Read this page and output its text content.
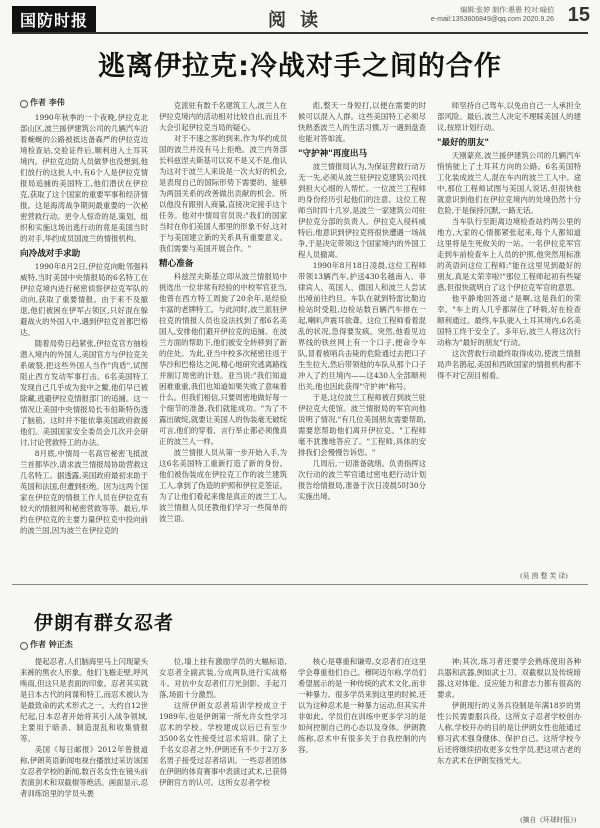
国防时报	阅读	编辑:张婷 制作:愚愚 校对:喻伯
e-mail:1353606849@qq.com 2020.9.26 15
逃离伊拉克:冷战对手之间的合作
作者 李伟

1990年秋季的一个夜晚,伊拉克北部山区,波兰援伊建筑公司的几辆汽车沿着蜿蜒的公路被抵达备森严的伊拉克边境检查站,交验证件后,顺利进入土耳其境内。伊拉克边防人员做梦也没想到,他们放行的这批人中,有6个人是伊拉克情报局追捕的美国特工,他们潜伏在伊拉克,获取了这个国家的重要军事和经济情报。这是海湾战争期间最重要的一次秘密营救行动。更令人惊奇的是,策划、组织和实施这场出逃行动的竟是美国当时的对手,华约成员国波兰的情报机构。

向冷战对手求助

1990年8月2日,伊拉克向毗邻强科威特,当时美国中央情报局的6名特工在伊拉克境内进行秘密侦察伊拉克军队的动向,获取了重要情报。由于来不及撤退,他们被困在伊军占领区,只好混在躲避战火的外国人中,遇到伊拉克首都巴格达。

随着局势日趋紧张,伊拉克官方抽检潜入境内的外国人,美国官方与伊拉克关系破裂,把这些外国人当作"肉盾",试图阻止西方发动军事打击。6名美国特工发现自己几乎成为瓮中之鳖,他们早已被除藏,逃避伊拉克情报部门的追捕。这一情况让美国中央情报局长韦伯斯特伤透了脑筋。这时并不能依靠美国政府救援他们。美国国家安全委员会几次开会研讨,讨论营救特工的办法。

8月底,中情局一名高官秘密飞抵波兰首都华沙,请求波兰情报局协助营救这几名特工。据透露,美国政府最初求助于英国和法国,但遭到拒绝。因为这两个国家在伊拉克的情报工作人员在伊拉克有较大的情报网和秘密营救等等。最后,华约在伊拉克的主要力量伊拉克中投向前的波兰国,因为波兰在伊拉克的

克派驻有数千名建筑工人,波兰人在伊拉克境内的活动相对比较自由,而且不大会引起伊拉克当局的疑心。

对于不速之客的到来,作为华约成员国的波兰并没有马上拒绝。波兰内务部长科兹涅夫斯基可以说不是又不是,他认为这对于波兰人来说是一次大好的机会,是表现自己的国际形势下需要的、能够为两国关系的改善做出贡献的机会。所以他没有跟别人商量,直接决定接手这个任务。他对中情局官员说:"我们的国家当时在你们美国人那里的形象不好,这对于与美国建立新的关系具有重要意义。我们需要与美国开展合作。"

精心准备

科兹涅夫斯基立即从波兰情报局中挑选出一位非常有经验的中校军官亚当,他曾在西方特工周旋了20余年,是经验丰富的老牌特工。与此同时,波兰派驻伊拉克的情报人员也设法找到了那6名美国人,安排他们避开伊拉克的追捕。在波兰方面的帮助下,他们被安全转移到了新的住处。为此,亚当中校多次秘密往返于华沙和巴格达之间,精心地研究逃离路线并制订周密的计划。亚当说:"我们知道困难重重,我们也知道如果失败了意味着什么。但我们相信,只要周密地做好每一个细节的准备,我们就能成功。"为了不露出破绽,就要让美国人的伪装毫无破绽可言,他们的穿着、言行举止都必须像真正的波兰人一样。

波兰情报人员从第一步开始入手,为这6名美国特工重新打造了新的身份。他们被伪装成在伊拉克工作的波兰建筑工人,拿到了伪造的护照和伊拉克签证。为了让他们看起来像是真正的波兰工人,波兰情报人员还教他们学习一些简单的波兰语。

彪,整天一身短打,以便在需要的时候可以混入人群。这些美国特工必须尽快熟悉波兰人的生活习惯,万一遇到盘查也能对答如流。

"守护神"再度出马

波兰情报局认为,为保证营救行动万无一失,必须从波兰驻伊拉克建筑公司找到担大心细的人帮忙。一位波兰工程师的身份经历引起他们的注意。这位工程师当时四十几岁,是波兰一家建筑公司驻伊拉克分部的负责人。伊拉克入侵科威特后,他意识到伊拉克将很快遭遇一场战争,于是决定带领这个国家境内的外国工程人员撤离。

1990年8月18日凌晨,这位工程师带领13辆汽车,护送430名越南人、菲律宾人、英国人、德国人和波兰人尝试出境前往约旦。车队在就到特雷比勒边检站时受阻,边检站数百辆汽车排在一起,喇叭声震耳欲聋。这位工程师看着混乱的状况,急得要发疯。突然,他看见边界线的铁丝网上有一个口子,便命令车队,冒着被哨兵击毙的危险通过去把口子生生拉大,然后带领他的车队从那个口子冲入了约旦境内——这430人全部顺利出关,他也因此获得"守护神"称号。

于是,这位波兰工程师被召到波兰驻伊拉克大使馆。波兰情报局的军官向他说明了情况,"有几位美国朋友需要帮助,需要您帮助他们离开伊拉克。"工程师毫不犹豫地答应了。"工程师,具体的安排我们会慢慢告诉您。"

几周后,一切准备就绪。负责指挥这次行动的波兰军官通过密电把行动计划报告给情报局,准备于次日凌晨5时30分实施出境。

师坚持自己驾车,以免由自己一人承担全部风险。最后,波兰人决定不理睬美国人的建议,按原计划行动。

"最好的朋友"

天刚蒙亮,波兰援伊建筑公司的几辆汽车悄悄驶上了土耳其方向的公路。6名美国特工化装成波兰人,混在车内的波兰工人中。途中,那位工程师试图与美国人说话,但很快他就意识到他们在伊拉克境内的处境仍然十分危险,于是保持沉默,一路无话。

当车队行至距离边境检查站约两公里的地方,大家的心情都紧张起来,每个人都知道这里将是生死攸关的一站。一名伊拉克军官走到车前检查车上人员的护照,他突然用标准的英语问这位工程师:"能在这里见到最好的朋友,真是太荣幸啦!"那位工程师起初有些疑惑,但很快就明白了这个伊拉克军官的意思。

他平静地回答道:"是啊,这是我们的荣幸。"车上的人几乎都屏住了呼吸,好在检查顺利通过。最终,车队驶入土耳其境内,6名美国特工终于安全了。多年后,波兰人将这次行动称为"最好的朋友"行动。

这次营救行动最终取得成功,使波兰情报局声名鹊起,美国和西欧国家的情报机构都不得不对它刮目相看。

(吴 茵 整 芙 译)
伊朗有群女忍者
作者 钟正杰

提起忍者,人们脑海里马上闪现蒙头来裤的黑衣人形象。他们飞檐走壁,呼风唤雨,但这只是表面的印象。忍者其实就是日本古代的间谍和特工,而忍术被认为是最致命的武术形式之一。大约自12世纪起,日本忍者开始将其引入战争领域,主要用于暗杀、制造混乱和收集情报等。

美国《每日邮报》2012年曾报道称,伊朗英语新闻电视台播放过采访该国女忍者学校的新闻,数百名女性在镜头前表演剑术和双截棍等绝活。画面显示,忍者训练馆里的学员头裹

位,墙上挂有激励学员的大幅标语,女忍者全副武装,分成两队进行实战格斗。对抗中女忍者们刀光剑影、手起刀落,场面十分激烈。

这所伊朗女忍者培训学校成立于1989年,也是伊朗第一所允许女性学习忍术的学校。学校建成以后已有至少3500名女性接受过忍术培训。除了上千名女忍者之外,伊朗还有不少于2万多名男子接受过忍者培训。一些忍者团体在伊朗的体育赛事中表演过武术,已获得伊朗官方的认可。这所女忍者学校

核心是尊重和谦卑,女忍者们在这里学会尊重他们自己。穆阿迈尔称,学员们希望展示的是一种传统的武术文化,而非一种暴力。很多学员来到这里的时候,还以为这种忍术是一种暴力运动,但其实并非如此。学员们在训练中更多学习的是如何控制自己的心态以及身体。伊朗教练称,忍术中有很多关于自我控制的内容。

神;其次,练习者还要学会熟练使用各种兵器和武器,例如武士刀、双截棍以及传统暗器,这对体能、反应能力和意志力都有很高的要求。

伊朗现行的义务兵役制是年满18岁的男性公民需要服兵役。这所女子忍者学校创办人称,学校开办的目的是让伊朗女性也能通过修习武术强身健体、保护自己。这所学校今后还将继续招收更多女性学员,把这项古老的东方武术在伊朗发扬光大。

(摘自《环球时报》)
